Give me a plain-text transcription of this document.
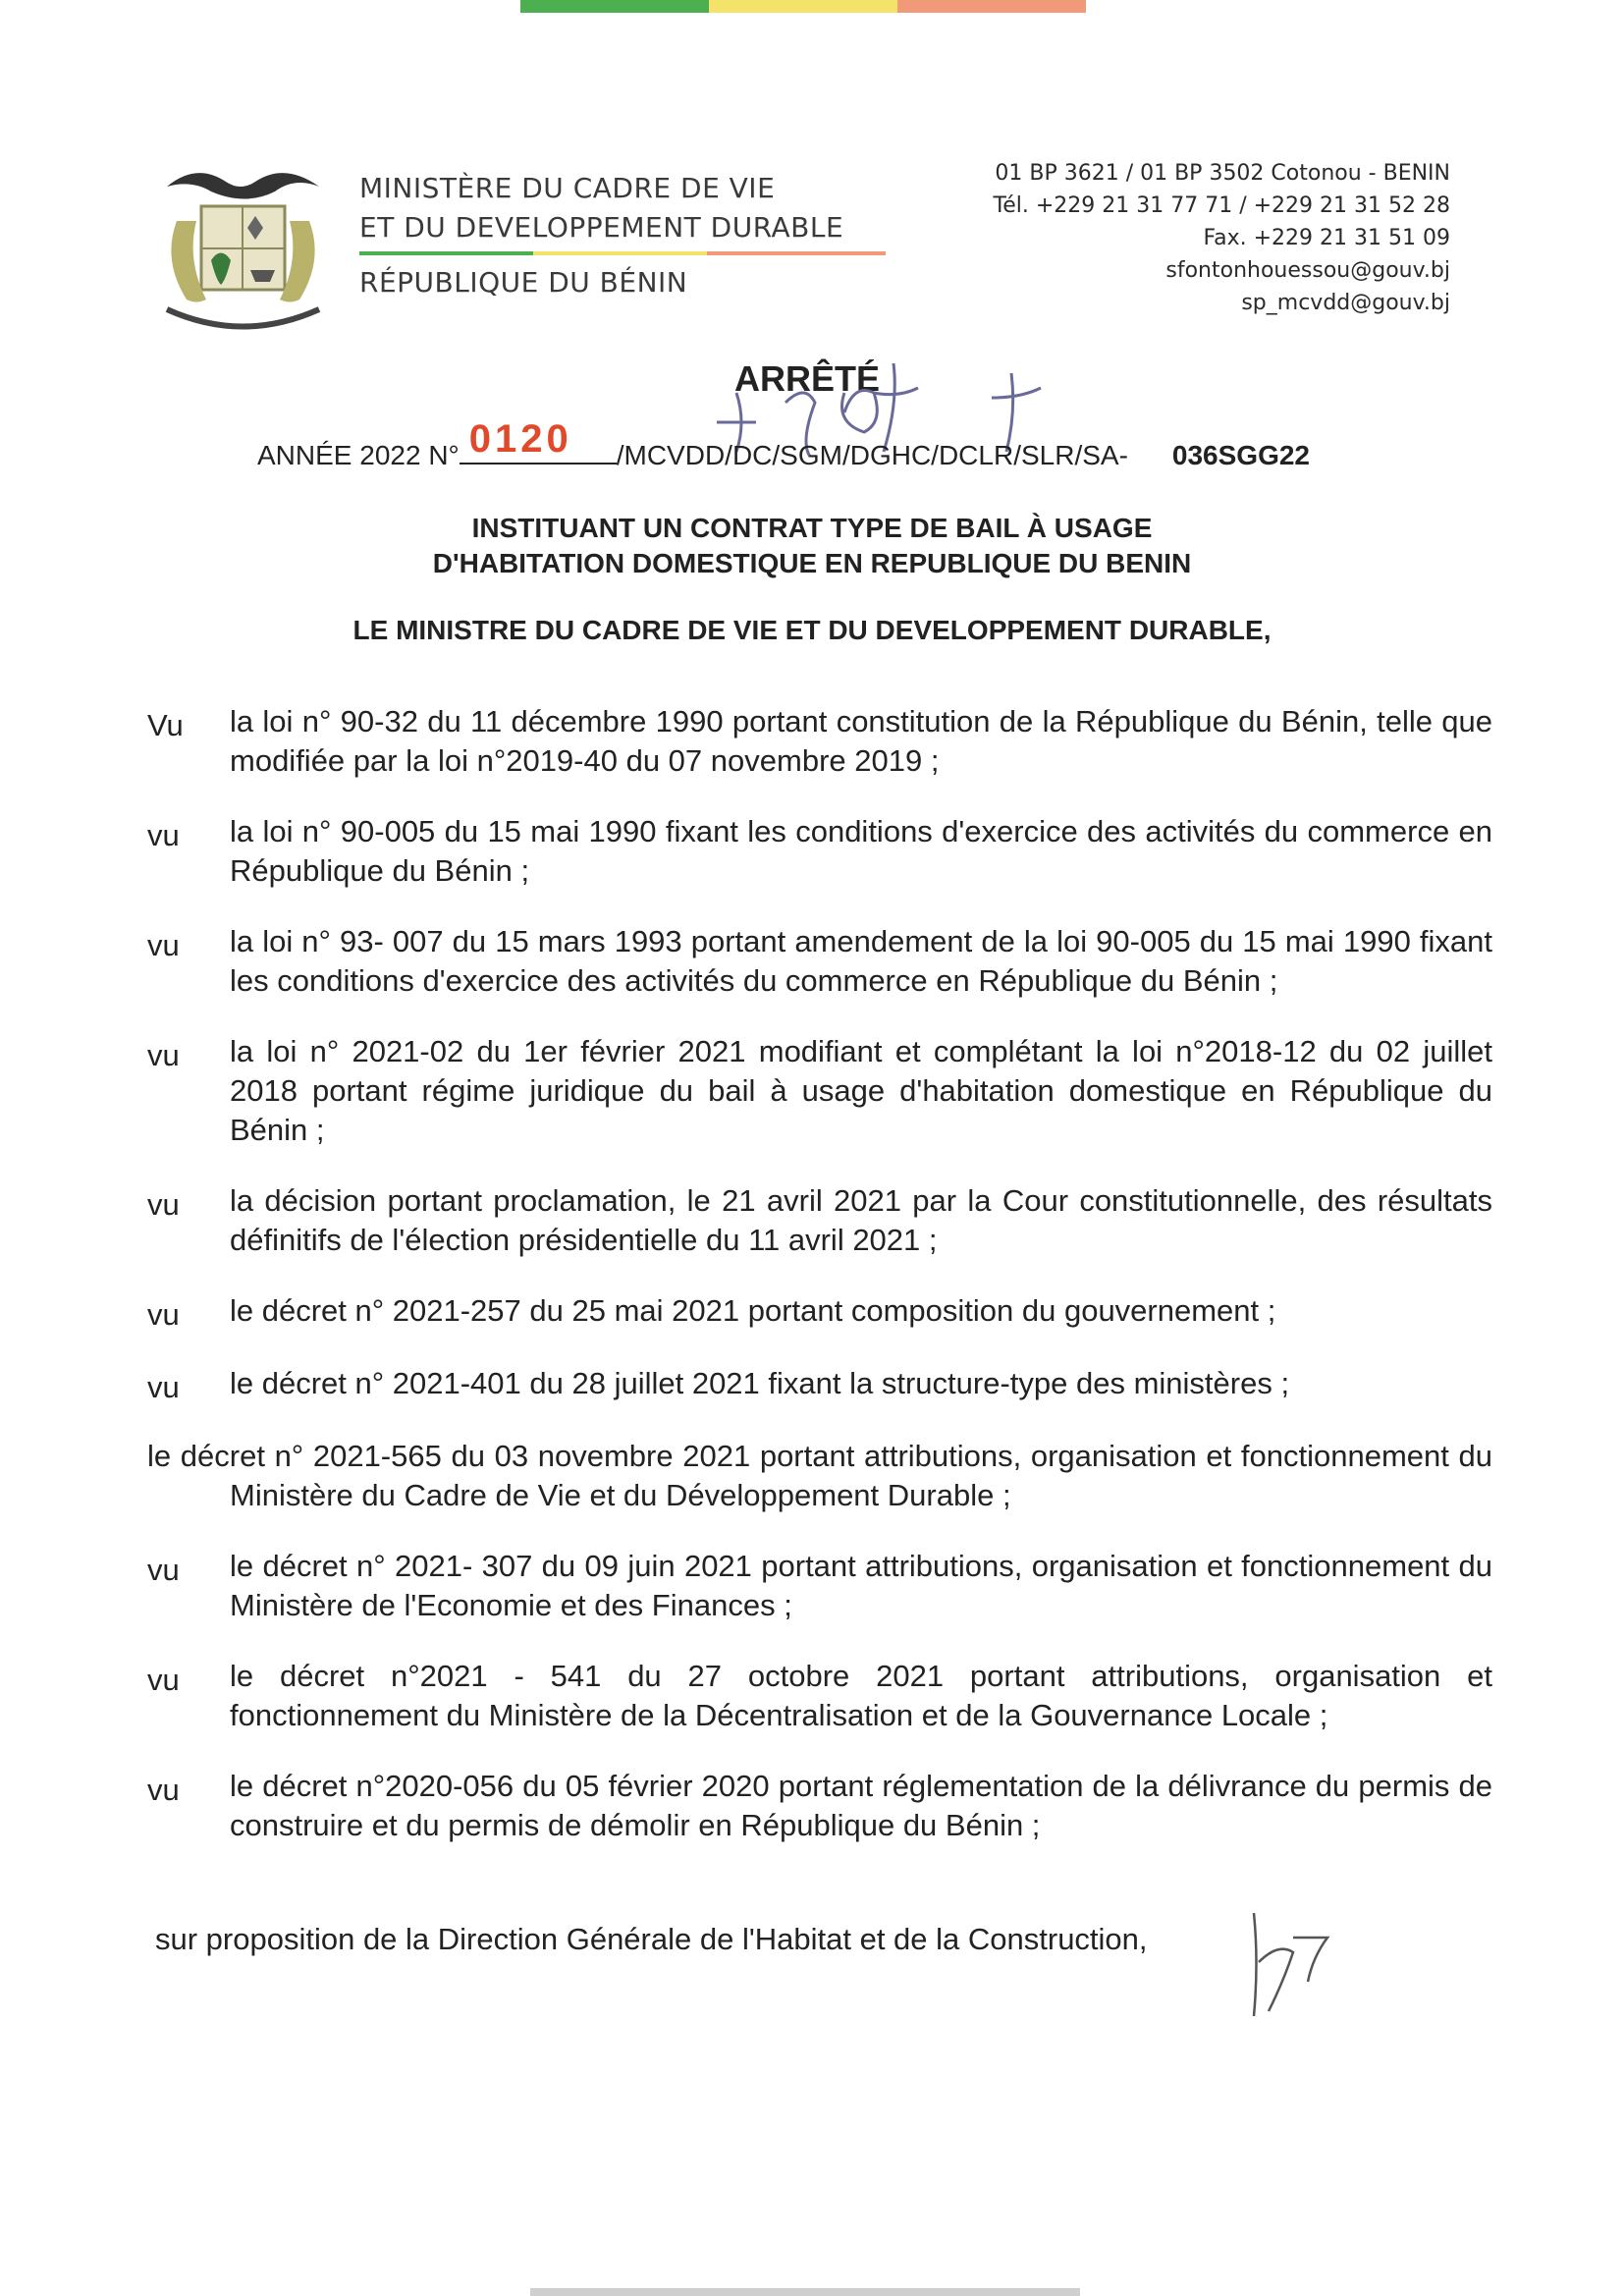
MINISTÈRE DU CADRE DE VIE
ET DU DEVELOPPEMENT DURABLE
RÉPUBLIQUE DU BÉNIN
01 BP 3621 / 01 BP 3502 Cotonou - BENIN
Tél. +229 21 31 77 71 / +229 21 31 52 28
Fax. +229 21 31 51 09
sfontonhouessou@gouv.bj
sp_mcvdd@gouv.bj
ARRÊTÉ
ANNÉE 2022 N° 0120 /MCVDD/DC/SGM/DGHC/DCLR/SLR/SA- 036SGG22
INSTITUANT UN CONTRAT TYPE DE BAIL À USAGE
D'HABITATION DOMESTIQUE EN REPUBLIQUE DU BENIN
LE MINISTRE DU CADRE DE VIE ET DU DEVELOPPEMENT DURABLE,
Vu	la loi n° 90-32 du 11 décembre 1990 portant constitution de la République du Bénin, telle que modifiée par la loi n°2019-40 du 07 novembre 2019 ;
vu	la loi n° 90-005 du 15 mai 1990 fixant les conditions d'exercice des activités du commerce en République du Bénin ;
vu	la loi n° 93- 007 du 15 mars 1993 portant amendement de la loi 90-005 du 15 mai 1990 fixant les conditions d'exercice des activités du commerce en République du Bénin ;
vu	la loi n° 2021-02 du 1er février 2021 modifiant et complétant la loi n°2018-12 du 02 juillet 2018 portant régime juridique du bail à usage d'habitation domestique en République du Bénin ;
vu	la décision portant proclamation, le 21 avril 2021 par la Cour constitutionnelle, des résultats définitifs de l'élection présidentielle du 11 avril 2021 ;
vu	le décret n° 2021-257 du 25 mai 2021 portant composition du gouvernement ;
vu	le décret n° 2021-401 du 28 juillet 2021 fixant la structure-type des ministères ;
le décret n° 2021-565 du 03 novembre 2021 portant attributions, organisation et fonctionnement du Ministère du Cadre de Vie et du Développement Durable ;
vu	le décret n° 2021- 307 du 09 juin 2021 portant attributions, organisation et fonctionnement du Ministère de l'Economie et des Finances ;
vu	le décret n°2021 - 541 du 27 octobre 2021 portant attributions, organisation et fonctionnement du Ministère de la Décentralisation et de la Gouvernance Locale ;
vu	le décret n°2020-056 du 05 février 2020 portant réglementation de la délivrance du permis de construire et du permis de démolir en République du Bénin ;
sur proposition de la Direction Générale de l'Habitat et de la Construction,
